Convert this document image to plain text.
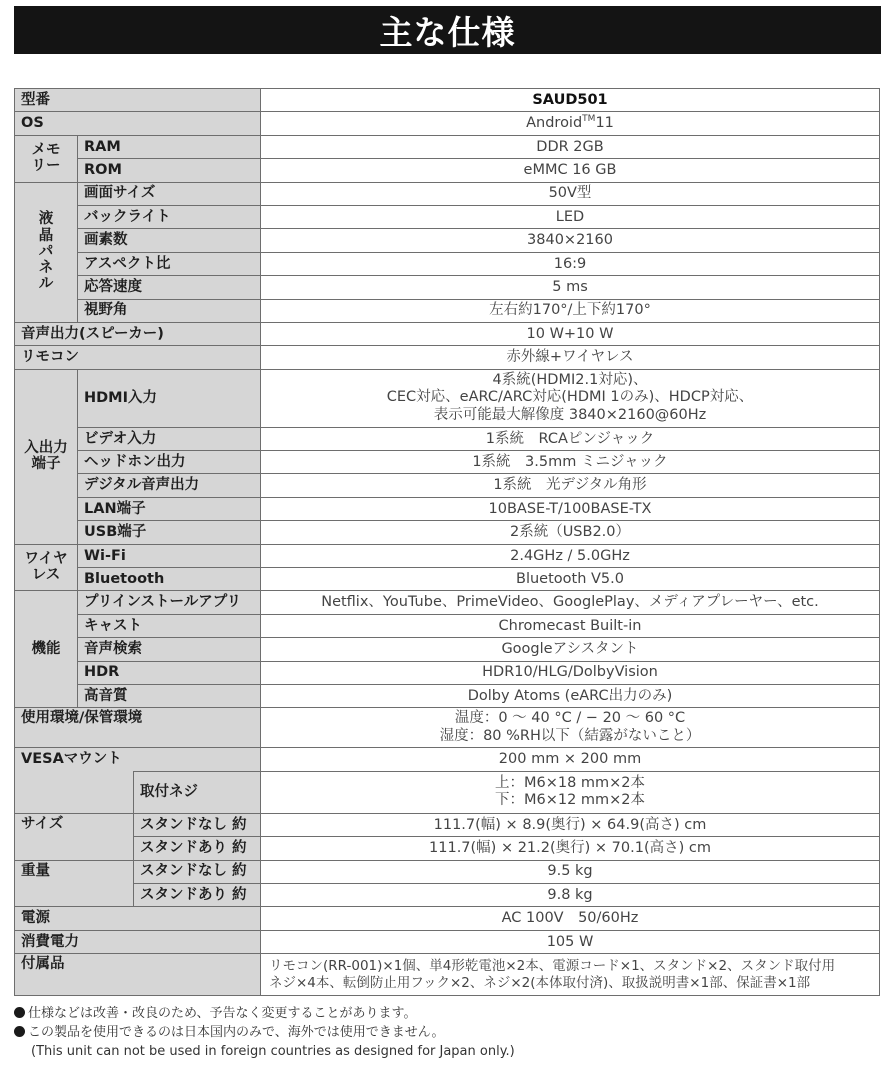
主な仕様
型番			SAUD501
OS			Android™11
メモリー	RAM		DDR 2GB
	ROM		eMMC 16 GB
液晶パネル	画面サイズ		50V型
	バックライト		LED
	画素数		3840×2160
	アスペクト比		16:9
	応答速度		5 ms
	視野角		左右約170°/上下約170°
音声出力(スピーカー)			10 W+10 W
リモコン			赤外線+ワイヤレス
入出力端子	HDMI入力		4系統(HDMI2.1対応)、
CEC対応、eARC/ARC対応(HDMI 1のみ)、HDCP対応、
表示可能最大解像度 3840×2160@60Hz

	ビデオ入力		1系統　RCAピンジャック
	ヘッドホン出力		1系統　3.5mm ミニジャック
	デジタル音声出力		1系統　光デジタル角形
	LAN端子		10BASE-T/100BASE-TX
	USB端子		2系統（USB2.0）
ワイヤレス	Wi-Fi		2.4GHz / 5.0GHz
	Bluetooth		Bluetooth V5.0
機能	プリインストールアプリ		Netflix、YouTube、PrimeVideo、GooglePlay、メディアプレーヤー、etc.
	キャスト		Chromecast Built-in
	音声検索		Googleアシスタント
	HDR		HDR10/HLG/DolbyVision
	高音質		Dolby Atoms (eARC出力のみ)
使用環境/保管環境			温度：0 ～ 40 °C / − 20 ～ 60 °C
湿度：80 %RH以下（結露がないこと）

VESAマウント			200 mm × 200 mm
		取付ネジ	上：M6×18 mm×2本
下：M6×12 mm×2本

サイズ		スタンドなし 約	111.7(幅) × 8.9(奥行) × 64.9(高さ) cm
		スタンドあり 約	111.7(幅) × 21.2(奥行) × 70.1(高さ) cm
重量		スタンドなし 約	9.5 kg
		スタンドあり 約	9.8 kg
電源			AC 100V　50/60Hz
消費電力			105 W
付属品			リモコン(RR-001)×1個、単4形乾電池×2本、電源コード×1、スタンド×2、スタンド取付用
ネジ×4本、転倒防止用フック×2、ネジ×2(本体取付済)、取扱説明書×1部、保証書×1部
仕様などは改善・改良のため、予告なく変更することがあります。
この製品を使用できるのは日本国内のみで、海外では使用できません。
(This unit can not be used in foreign countries as designed for Japan only.)
